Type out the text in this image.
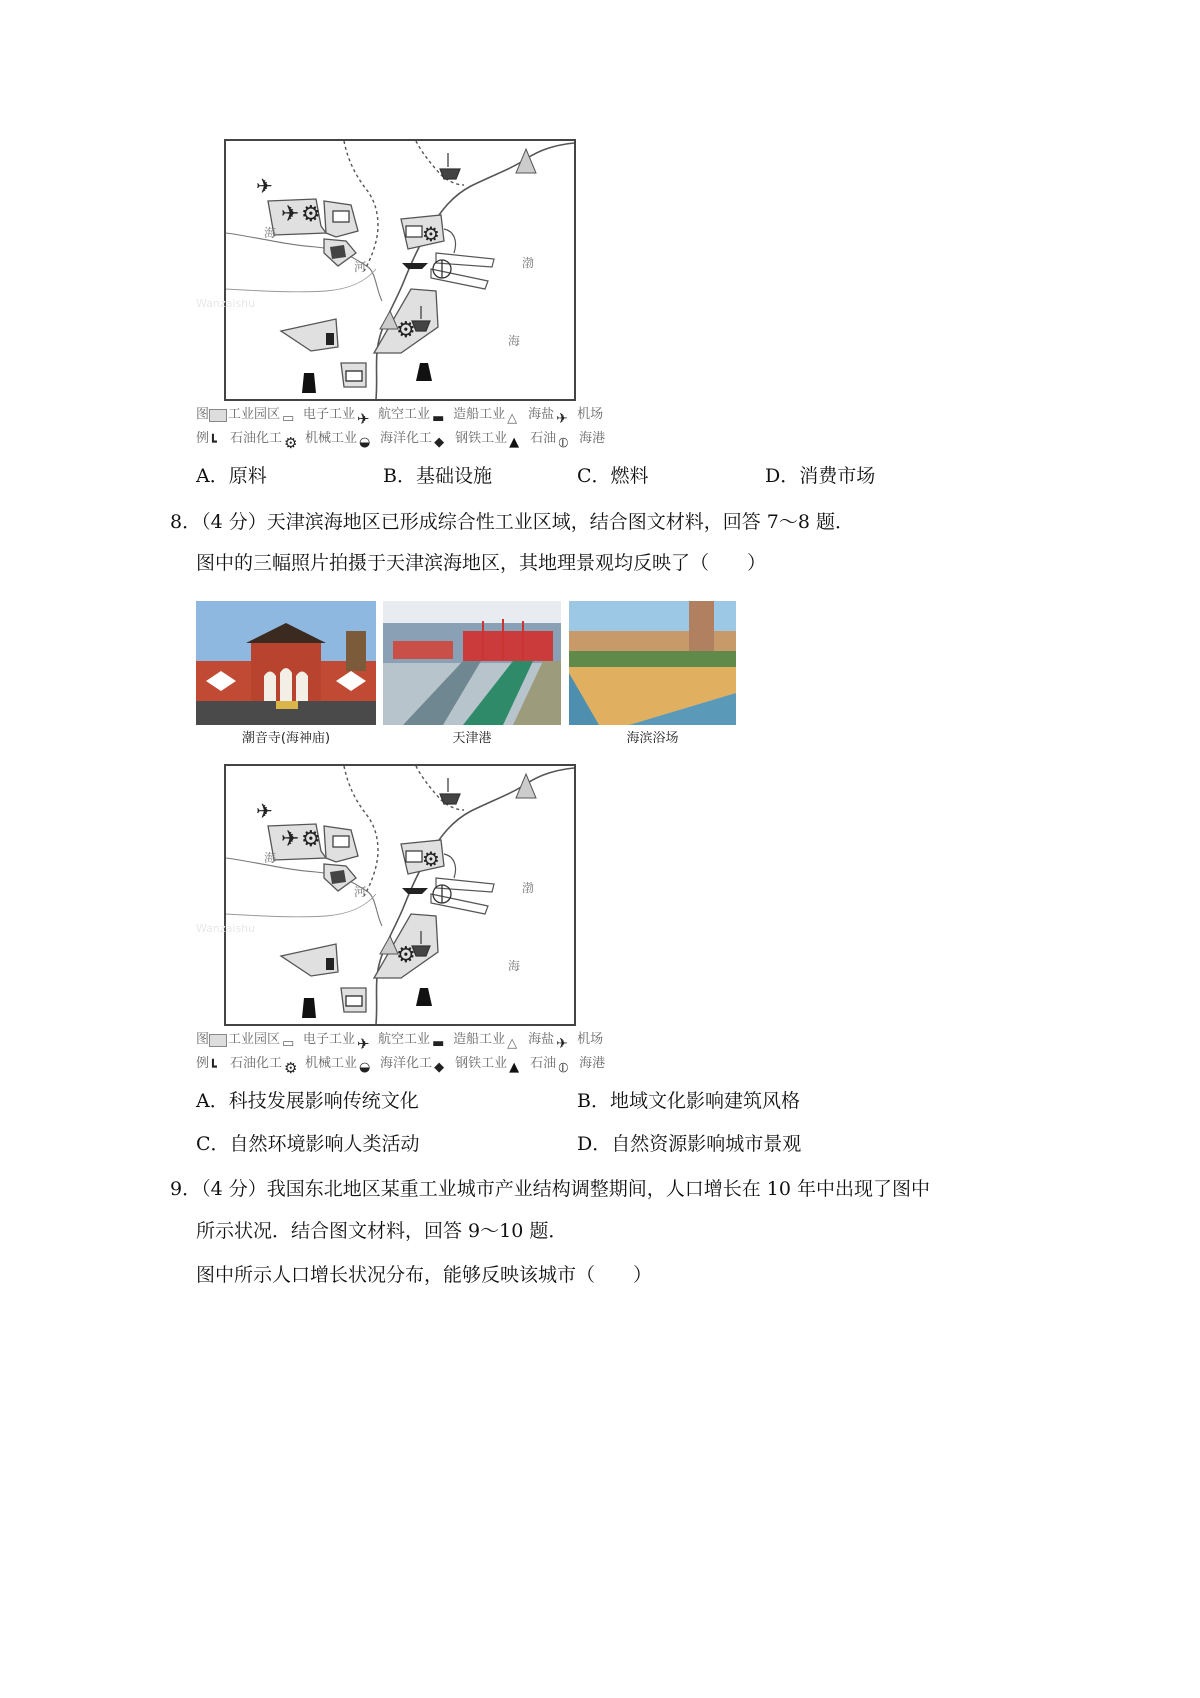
✈
✈ ⚙
⚙
⚙
海
河	渤
海
Wanzaishu
图 工业园区 ▭ 电子工业 ✈ 航空工业 ▬ 造船工业 △ 海盐 ✈ 机场
例 ┗	石油化工 ⚙ 机械工业 ◒ 海洋化工 ◆ 钢铁工业 ▲ 石油 ⦶ 海港
A．原料	B．基础设施	C．燃料	D．消费市场
8．（4 分）天津滨海地区已形成综合性工业区域，结合图文材料，回答 7～8 题．
图中的三幅照片拍摄于天津滨海地区，其地理景观均反映了（　　）
潮音寺(海神庙)	天津港	海滨浴场
✈
✈ ⚙
⚙
⚙
海
河	渤
海
Wanzaishu
图 工业园区 ▭ 电子工业 ✈ 航空工业 ▬ 造船工业 △ 海盐 ✈ 机场
例 ┗	石油化工 ⚙ 机械工业 ◒ 海洋化工 ◆ 钢铁工业 ▲ 石油 ⦶ 海港
A．科技发展影响传统文化	B．地域文化影响建筑风格
C．自然环境影响人类活动	D．自然资源影响城市景观
9．（4 分）我国东北地区某重工业城市产业结构调整期间，人口增长在 10 年中出现了图中
所示状况．结合图文材料，回答 9～10 题．
图中所示人口增长状况分布，能够反映该城市（　　）
